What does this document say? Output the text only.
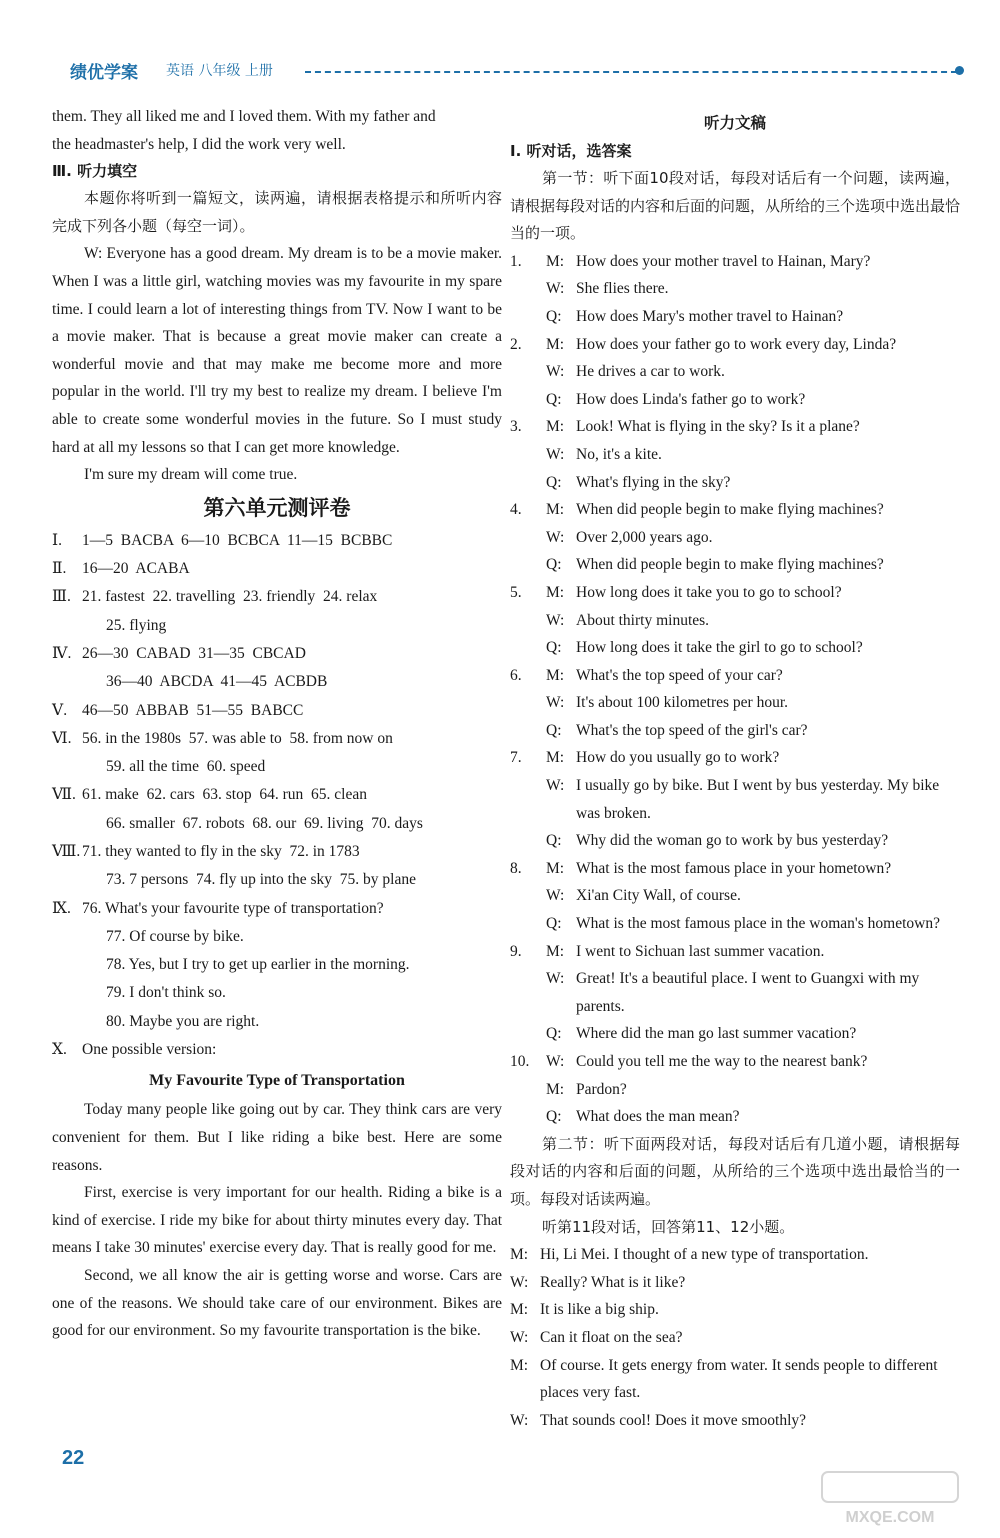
绩优学案 英语 八年级 上册

them. They all liked me and I loved them. With my father and

the headmaster's help, I did the work very well.

Ⅲ. 听力填空

本题你将听到一篇短文，读两遍，请根据表格提示和所听内容完成下列各小题（每空一词）。

W: Everyone has a good dream. My dream is to be a movie maker. When I was a little girl, watching movies was my favourite in my spare time. I could learn a lot of interesting things from TV. Now I want to be a movie maker. That is because a great movie maker can create a wonderful movie and that may make me become more and more popular in the world. I'll try my best to realize my dream. I believe I'm able to create some wonderful movies in the future. So I must study hard at all my lessons so that I can get more knowledge.

I'm sure my dream will come true.

第六单元测评卷
Ⅰ.	1—5  BACBA  6—10  BCBCA  11—15  BCBBC
Ⅱ.	16—20  ACABA
Ⅲ. 21. fastest  22. travelling  23. friendly  24. relax
25. flying
Ⅳ. 26—30  CABAD  31—35  CBCAD
36—40  ABCDA  41—45  ACBDB
Ⅴ. 46—50  ABBAB  51—55  BABCC
Ⅵ. 56. in the 1980s  57. was able to  58. from now on
59. all the time  60. speed
Ⅶ. 61. make  62. cars  63. stop  64. run  65. clean
66. smaller  67. robots  68. our  69. living  70. days
Ⅷ. 71. they wanted to fly in the sky  72. in 1783
73. 7 persons  74. fly up into the sky  75. by plane
Ⅸ. 76. What's your favourite type of transportation?
77. Of course by bike.
78. Yes, but I try to get up earlier in the morning.
79. I don't think so.
80. Maybe you are right.
Ⅹ. One possible version:
My Favourite Type of Transportation

Today many people like going out by car. They think cars are very convenient for them. But I like riding a bike best. Here are some reasons.

First, exercise is very important for our health. Riding a bike is a kind of exercise. I ride my bike for about thirty minutes every day. That means I take 30 minutes' exercise every day. That is really good for me.

Second, we all know the air is getting worse and worse. Cars are one of the reasons. We should take care of our environment. Bikes are good for our environment. So my favourite transportation is the bike.

听力文稿

Ⅰ. 听对话，选答案

第一节：听下面10段对话，每段对话后有一个问题，读两遍，请根据每段对话的内容和后面的问题，从所给的三个选项中选出最恰当的一项。

1.	M: How does your mother travel to Hainan, Mary?
W: She flies there.
Q: How does Mary's mother travel to Hainan?
2.	M: How does your father go to work every day, Linda?
W: He drives a car to work.
Q: How does Linda's father go to work?
3.	M: Look! What is flying in the sky? Is it a plane?
W: No, it's a kite.
Q: What's flying in the sky?
4.	M: When did people begin to make flying machines?
W: Over 2,000 years ago.
Q: When did people begin to make flying machines?
5.	M: How long does it take you to go to school?
W: About thirty minutes.
Q: How long does it take the girl to go to school?
6.	M: What's the top speed of your car?
W: It's about 100 kilometres per hour.
Q: What's the top speed of the girl's car?
7.	M: How do you usually go to work?
W: I usually go by bike. But I went by bus yesterday. My bike was broken.
Q: Why did the woman go to work by bus yesterday?
8.	M: What is the most famous place in your hometown?
W: Xi'an City Wall, of course.
Q: What is the most famous place in the woman's hometown?
9.	M: I went to Sichuan last summer vacation.
W: Great! It's a beautiful place. I went to Guangxi with my parents.
Q: Where did the man go last summer vacation?
10.	W: Could you tell me the way to the nearest bank?
M: Pardon?
Q: What does the man mean?

第二节：听下面两段对话，每段对话后有几道小题，请根据每段对话的内容和后面的问题，从所给的三个选项中选出最恰当的一项。每段对话读两遍。

听第11段对话，回答第11、12小题。

M: Hi, Li Mei. I thought of a new type of transportation.
W: Really? What is it like?
M: It is like a big ship.
W: Can it float on the sea?
M: Of course. It gets energy from water. It sends people to different places very fast.
W: That sounds cool! Does it move smoothly?
22
MXQE.COM
